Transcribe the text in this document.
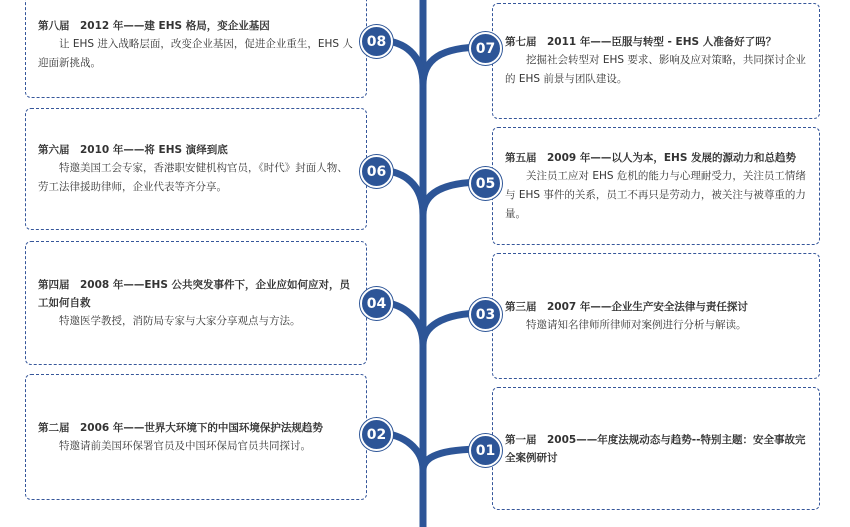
第八届　2012 年——建 EHS 格局，变企业基因
让 EHS 进入战略层面，改变企业基因，促进企业重生，EHS 人迎面新挑战。
第七届　2011 年——臣服与转型 - EHS 人准备好了吗？
挖掘社会转型对 EHS 要求、影响及应对策略，共同探讨企业的 EHS 前景与团队建设。
第六届　2010 年——将 EHS 演绎到底
特邀美国工会专家，香港职安健机构官员，《时代》封面人物、劳工法律援助律师，企业代表等齐分享。
第五届　2009 年——以人为本，EHS 发展的源动力和总趋势
关注员工应对 EHS 危机的能力与心理耐受力，关注员工情绪与 EHS 事件的关系，员工不再只是劳动力，被关注与被尊重的力量。
第四届　2008 年——EHS 公共突发事件下，企业应如何应对，员工如何自救
特邀医学教授，消防局专家与大家分享观点与方法。
第三届　2007 年——企业生产安全法律与责任探讨
特邀请知名律师所律师对案例进行分析与解读。
第二届　2006 年——世界大环境下的中国环境保护法规趋势
特邀请前美国环保署官员及中国环保局官员共同探讨。	第一届　2005——年度法规动态与趋势--特别主题：安全事故完全案例研讨
08	07
06
05
04
03
02
01
